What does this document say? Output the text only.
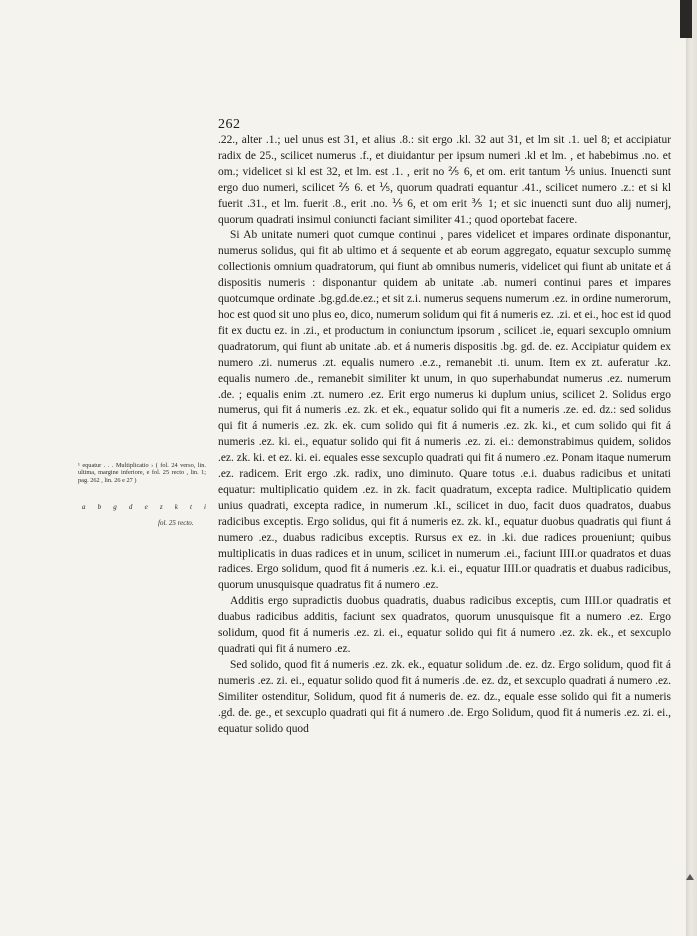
262

.22., alter .1.; uel unus est 31, et alius .8.: sit ergo .kl. 32 aut 31, et lm sit .1. uel 8; et accipiatur radix de 25., scilicet numerus .f., et diuidantur per ipsum numeri .kl et lm. , et habebimus .no. et om.; videlicet si kl est 32, et lm. est .1. , erit no ⅖ 6, et om. erit tantum ⅕ unius. Inuencti sunt ergo duo numeri, scilicet ⅖ 6. et ⅕, quorum quadrati equantur .41., scilicet numero .z.: et si kl fuerit .31., et lm. fuerit .8., erit .no. ⅕ 6, et om erit ⅗ 1; et sic inuencti sunt duo alij numerj, quorum quadrati insimul coniuncti faciant similiter 41.; quod oportebat facere.

Si Ab unitate numeri quot cumque continui , pares videlicet et impares ordinate disponantur, numerus solidus, qui fit ab ultimo et á sequente et ab eorum aggregato, equatur sexcuplo summę collectionis omnium quadratorum, qui fiunt ab omnibus numeris, videlicet qui fiunt ab unitate et á dispositis numeris : disponantur quidem ab unitate .ab. numeri continui pares et impares quotcumque ordinate .bg.gd.de.ez.; et sit z.i. numerus sequens numerum .ez. in ordine numerorum, hoc est quod sit uno plus eo, dico, numerum solidum qui fit á numeris ez. .zi. et ei., hoc est id quod fit ex ductu ez. in .zi., et productum in coniunctum ipsorum , scilicet .ie, equari sexcuplo omnium quadratorum, qui fiunt ab unitate .ab. et á numeris dispositis .bg. gd. de. ez. Accipiatur quidem ex numero .zi. numerus .zt. equalis numero .e.z., remanebit .ti. unum. Item ex zt. auferatur .kz. equalis numero .de., remanebit similiter kt unum, in quo superhabundat numerus .ez. numerum .de. ; equalis enim .zt. numero .ez. Erit ergo numerus ki duplum unius, scilicet 2. Solidus ergo numerus, qui fit á numeris .ez. zk. et ek., equatur solido qui fit a numeris .ze. ed. dz.: sed solidus qui fit á numeris .ez. zk. ek. cum solido qui fit á numeris .ez. zk. ki., et cum solido qui fit á numeris .ez. ki. ei., equatur solido qui fit á numeris .ez. zi. ei.: demonstrabimus quidem, solidos .ez. zk. ki. et ez. ki. ei. equales esse sexcuplo quadrati qui fit á numero .ez. Ponam itaque numerum .ez. radicem. Erit ergo .zk. radix, uno diminuto. Quare totus .e.i. duabus radicibus et unitati equatur: multiplicatio quidem .ez. in zk. facit quadratum, excepta radice. Multiplicatio quidem unius quadrati, excepta radice, in numerum .kI., scilicet in duo, facit duos quadratos, duabus radicibus exceptis. Ergo solidus, qui fit á numeris ez. zk. kI., equatur duobus quadratis qui fiunt á numero .ez., duabus radicibus exceptis. Rursus ex ez. in .ki. due radices proueniunt; quibus multiplicatis in duas radices et in unum, scilicet in numerum .ei., faciunt IIII.or quadratos et duas radices. Ergo solidum, quod fit á numeris .ez. k.i. ei., equatur IIII.or quadratis et duabus radicibus, quorum unusquisque quadratus fit á numero .ez.

Additis ergo supradictis duobus quadratis, duabus radicibus exceptis, cum IIII.or quadratis et duabus radicibus additis, faciunt sex quadratos, quorum unusquisque fit a numero .ez. Ergo solidum, quod fit á numeris .ez. zi. ei., equatur solido qui fit á numero .ez. zk. ek., et sexcuplo quadrati qui fit á numero .ez.

Sed solido, quod fit á numeris .ez. zk. ek., equatur solidum .de. ez. dz. Ergo solidum, quod fit á numeris .ez. zi. ei., equatur solido quod fit á numeris .de. ez. dz, et sexcuplo quadrati á numero .ez. Similiter ostenditur, Solidum, quod fit á numeris de. ez. dz., equale esse solido qui fit a numeris .gd. de. ge., et sexcuplo quadrati qui fit á numero .de. Ergo Solidum, quod fit á numeris .ez. zi. ei., equatur solido quod

¹ equatur . . . Multiplicatio › ( fol. 24 verso, lin. ultima, margine inferiore, e fol. 25 recto , lin. 1; pag. 262 , lin. 26 e 27 )
a b g d e z k t i
fol. 25 recto.
